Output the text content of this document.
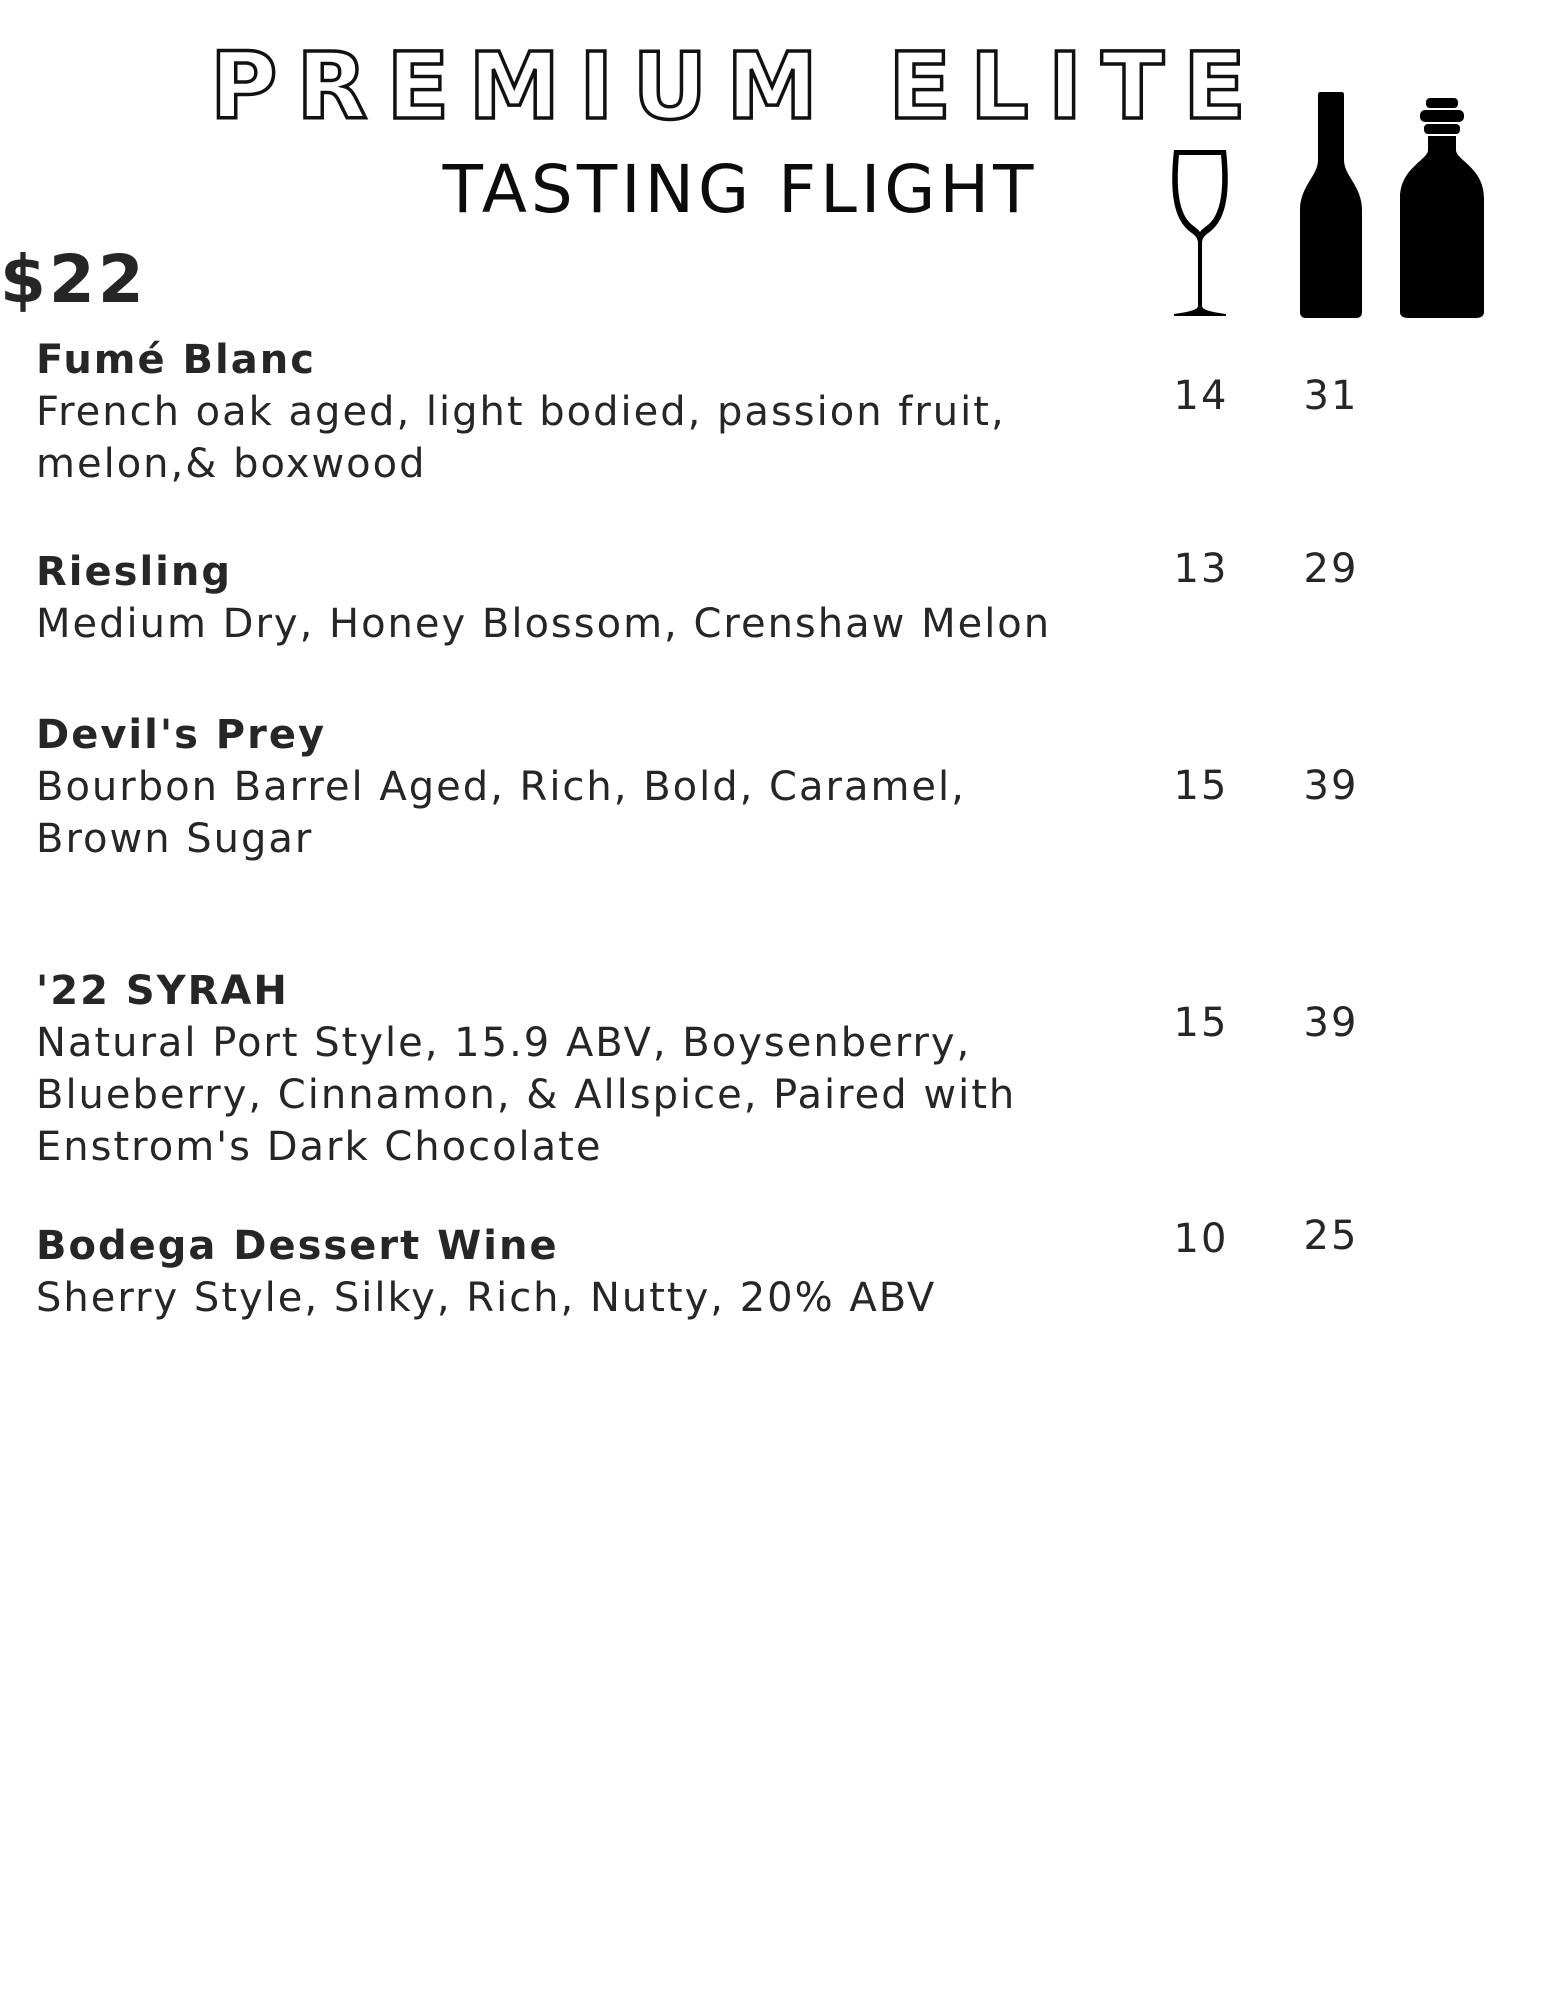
PREMIUM ELITE
TASTING FLIGHT
$22
Fumé Blanc
French oak aged, light bodied, passion fruit,
melon,& boxwood
14	31
Riesling
Medium Dry, Honey Blossom, Crenshaw Melon
13	29
Devil's Prey
Bourbon Barrel Aged, Rich, Bold, Caramel,
Brown Sugar
15	39
'22 SYRAH
Natural Port Style, 15.9 ABV, Boysenberry,
Blueberry, Cinnamon, & Allspice, Paired with
Enstrom's Dark Chocolate
15	39
Bodega Dessert Wine
Sherry Style, Silky, Rich, Nutty, 20% ABV
10	25
